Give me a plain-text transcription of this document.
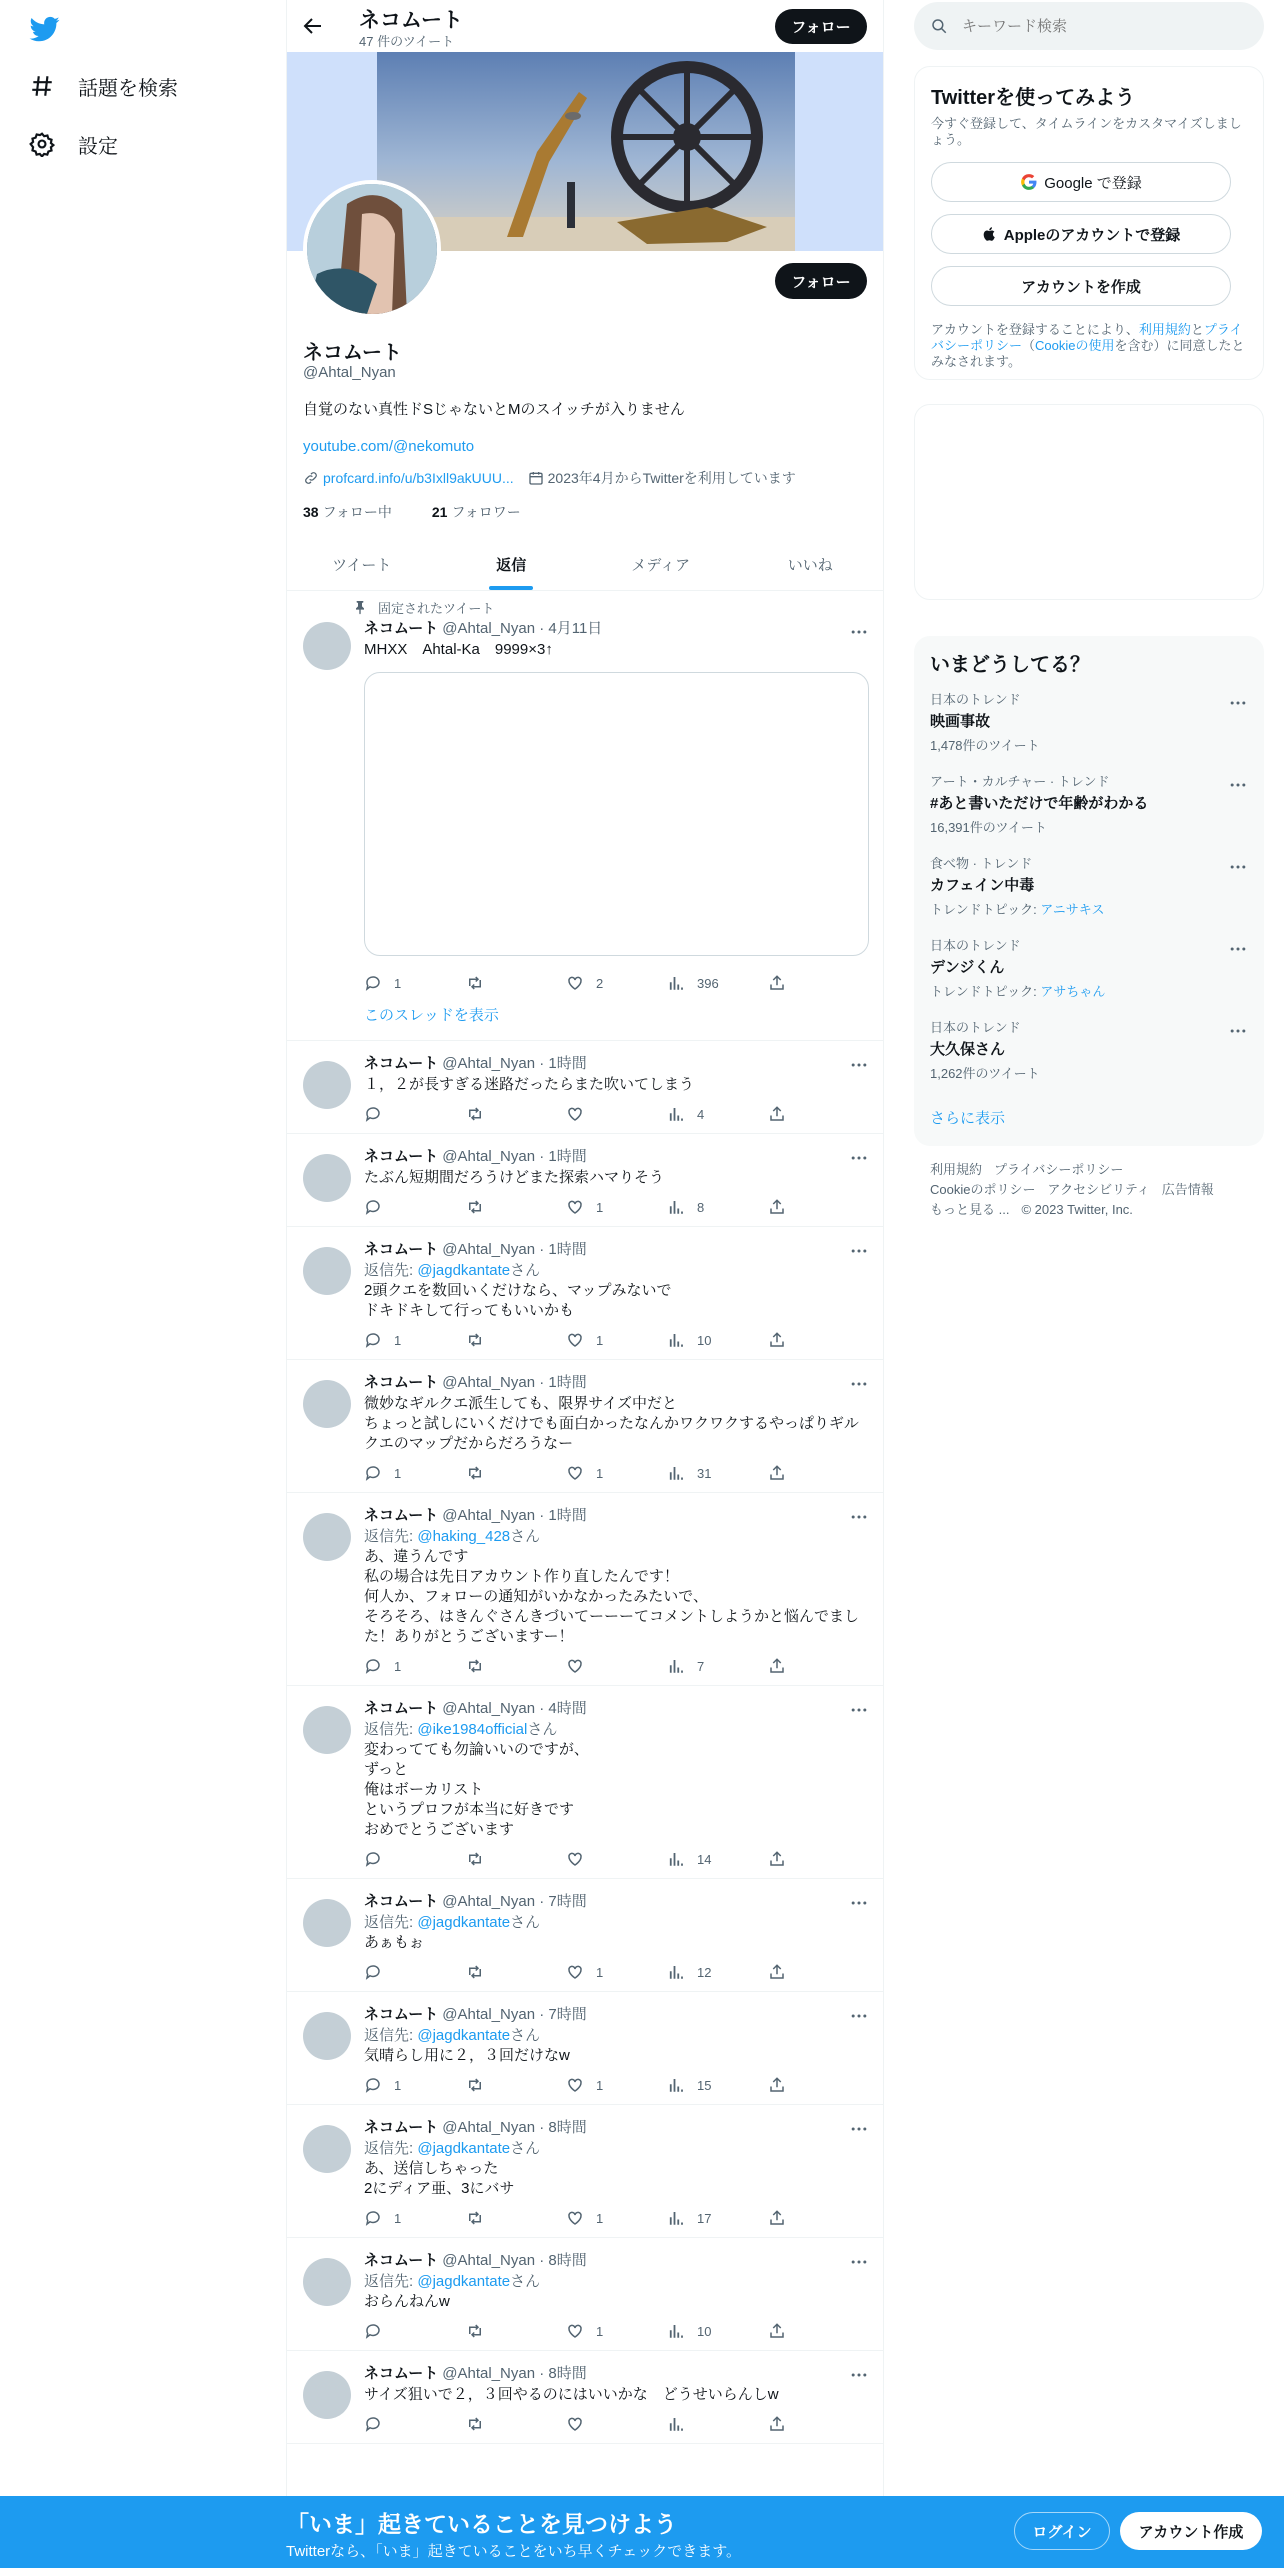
話題を検索
設定
ネコムート
47 件のツイート
フォロー
フォロー
ネコムート
@Ahtal_Nyan
自覚のない真性ドSじゃないとMのスイッチが入りません
youtube.com/@nekomuto
profcard.info/u/b3Ixll9akUUU... 2023年4月からTwitterを利用しています
38 フォロー中	21 フォロワー
ツイート	返信	メディア	いいね
固定されたツイート
ネコムート @Ahtal_Nyan · 4月11日
MHXX　Ahtal-Ka　9999×3↑
1	2	396
このスレッドを表示
ネコムート @Ahtal_Nyan · 1時間
１，２が長すぎる迷路だったらまた吹いてしまう
4
ネコムート @Ahtal_Nyan · 1時間
たぶん短期間だろうけどまた探索ハマりそう
1	8
ネコムート @Ahtal_Nyan · 1時間
返信先: @jagdkantateさん
2頭クエを数回いくだけなら、マップみないで
ドキドキして行ってもいいかも
1	1	10
ネコムート @Ahtal_Nyan · 1時間
微妙なギルクエ派生しても、限界サイズ中だと
ちょっと試しにいくだけでも面白かったなんかワクワクするやっぱりギル
クエのマップだからだろうなー
1	1	31
ネコムート @Ahtal_Nyan · 1時間
返信先: @haking_428さん
あ、違うんです
私の場合は先日アカウント作り直したんです！
何人か、フォローの通知がいかなかったみたいで、
そろそろ、はきんぐさんきづいてーーーてコメントしようかと悩んでまし
た！ありがとうございますー！
1	7
ネコムート @Ahtal_Nyan · 4時間
返信先: @ike1984officialさん
変わってても勿論いいのですが、
ずっと
俺はボーカリスト
というプロフが本当に好きです
おめでとうございます
14
ネコムート @Ahtal_Nyan · 7時間
返信先: @jagdkantateさん
あぁもぉ
1	12
ネコムート @Ahtal_Nyan · 7時間
返信先: @jagdkantateさん
気晴らし用に２，３回だけなw
1	1	15
ネコムート @Ahtal_Nyan · 8時間
返信先: @jagdkantateさん
あ、送信しちゃった
2にディア亜、3にバサ
1	1	17
ネコムート @Ahtal_Nyan · 8時間
返信先: @jagdkantateさん
おらんねんw
1	10
ネコムート @Ahtal_Nyan · 8時間
サイズ狙いで２，３回やるのにはいいかな　どうせいらんしw
キーワード検索
Twitterを使ってみよう
今すぐ登録して、タイムラインをカスタマイズしましょう。
Google で登録
Appleのアカウントで登録
アカウントを作成
アカウントを登録することにより、利用規約とプライバシーポリシー（Cookieの使用を含む）に同意したとみなされます。
いまどうしてる？
日本のトレンド
映画事故
1,478件のツイート
アート・カルチャー · トレンド
#あと書いただけで年齢がわかる
16,391件のツイート
食べ物 · トレンド
カフェイン中毒
トレンドトピック: アニサキス
日本のトレンド
デンジくん
トレンドトピック: アサちゃん
日本のトレンド
大久保さん
1,262件のツイート
さらに表示
利用規約 プライバシーポリシー
Cookieのポリシー アクセシビリティ 広告情報
もっと見る ... © 2023 Twitter, Inc.
「いま」起きていることを見つけよう
Twitterなら、「いま」起きていることをいち早くチェックできます。
ログイン	アカウント作成
